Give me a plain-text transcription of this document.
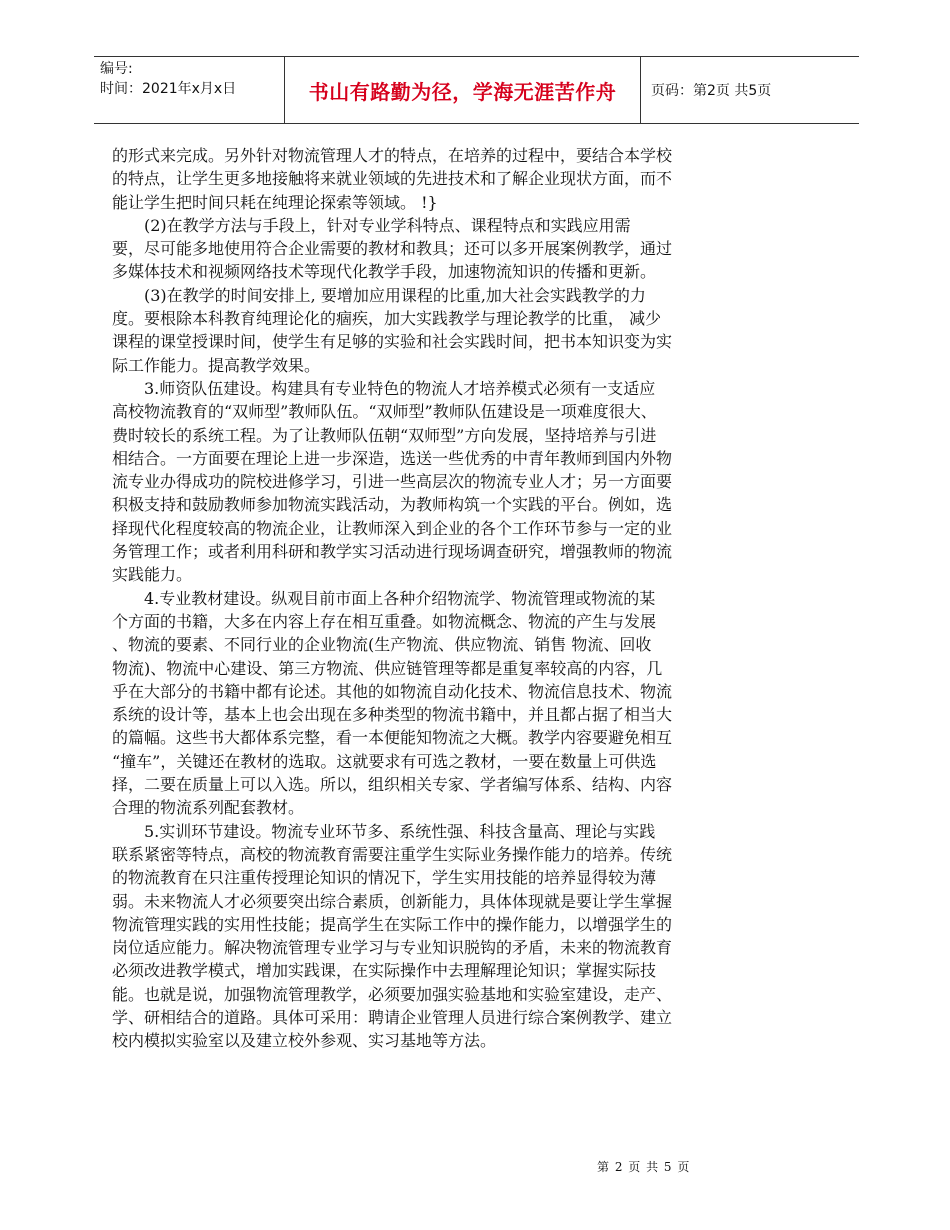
编号:
时间：2021年x月x日	书山有路勤为径，学海无涯苦作舟	页码：第2页 共5页
的形式来完成。另外针对物流管理人才的特点，在培养的过程中，要结合本学校
的特点，让学生更多地接触将来就业领域的先进技术和了解企业现状方面，而不
能让学生把时间只耗在纯理论探索等领域。 !}
(2)在教学方法与手段上，针对专业学科特点、课程特点和实践应用需
要，尽可能多地使用符合企业需要的教材和教具；还可以多开展案例教学，通过
多媒体技术和视频网络技术等现代化教学手段，加速物流知识的传播和更新。
(3)在教学的时间安排上, 要增加应用课程的比重,加大社会实践教学的力
度。要根除本科教育纯理论化的痼疾，加大实践教学与理论教学的比重， 减少
课程的课堂授课时间，使学生有足够的实验和社会实践时间，把书本知识变为实
际工作能力。提高教学效果。
3.师资队伍建设。构建具有专业特色的物流人才培养模式必须有一支适应
高校物流教育的“双师型”教师队伍。“双师型”教师队伍建设是一项难度很大、
费时较长的系统工程。为了让教师队伍朝“双师型”方向发展，坚持培养与引进
相结合。一方面要在理论上进一步深造，选送一些优秀的中青年教师到国内外物
流专业办得成功的院校进修学习，引进一些高层次的物流专业人才；另一方面要
积极支持和鼓励教师参加物流实践活动，为教师构筑一个实践的平台。例如，选
择现代化程度较高的物流企业，让教师深入到企业的各个工作环节参与一定的业
务管理工作；或者利用科研和教学实习活动进行现场调查研究，增强教师的物流
实践能力。
4.专业教材建设。纵观目前市面上各种介绍物流学、物流管理或物流的某
个方面的书籍，大多在内容上存在相互重叠。如物流概念、物流的产生与发展
、物流的要素、不同行业的企业物流(生产物流、供应物流、销售 物流、回收
物流)、物流中心建设、第三方物流、供应链管理等都是重复率较高的内容，几
乎在大部分的书籍中都有论述。其他的如物流自动化技术、物流信息技术、物流
系统的设计等，基本上也会出现在多种类型的物流书籍中，并且都占据了相当大
的篇幅。这些书大都体系完整，看一本便能知物流之大概。教学内容要避免相互
“撞车”，关键还在教材的选取。这就要求有可选之教材，一要在数量上可供选
择，二要在质量上可以入选。所以，组织相关专家、学者编写体系、结构、内容
合理的物流系列配套教材。
5.实训环节建设。物流专业环节多、系统性强、科技含量高、理论与实践
联系紧密等特点，高校的物流教育需要注重学生实际业务操作能力的培养。传统
的物流教育在只注重传授理论知识的情况下，学生实用技能的培养显得较为薄
弱。未来物流人才必须要突出综合素质，创新能力，具体体现就是要让学生掌握
物流管理实践的实用性技能；提高学生在实际工作中的操作能力，以增强学生的
岗位适应能力。解决物流管理专业学习与专业知识脱钩的矛盾，未来的物流教育
必须改进教学模式，增加实践课，在实际操作中去理解理论知识；掌握实际技
能。也就是说，加强物流管理教学，必须要加强实验基地和实验室建设，走产、
学、研相结合的道路。具体可采用：聘请企业管理人员进行综合案例教学、建立
校内模拟实验室以及建立校外参观、实习基地等方法。
第 2 页 共 5 页
